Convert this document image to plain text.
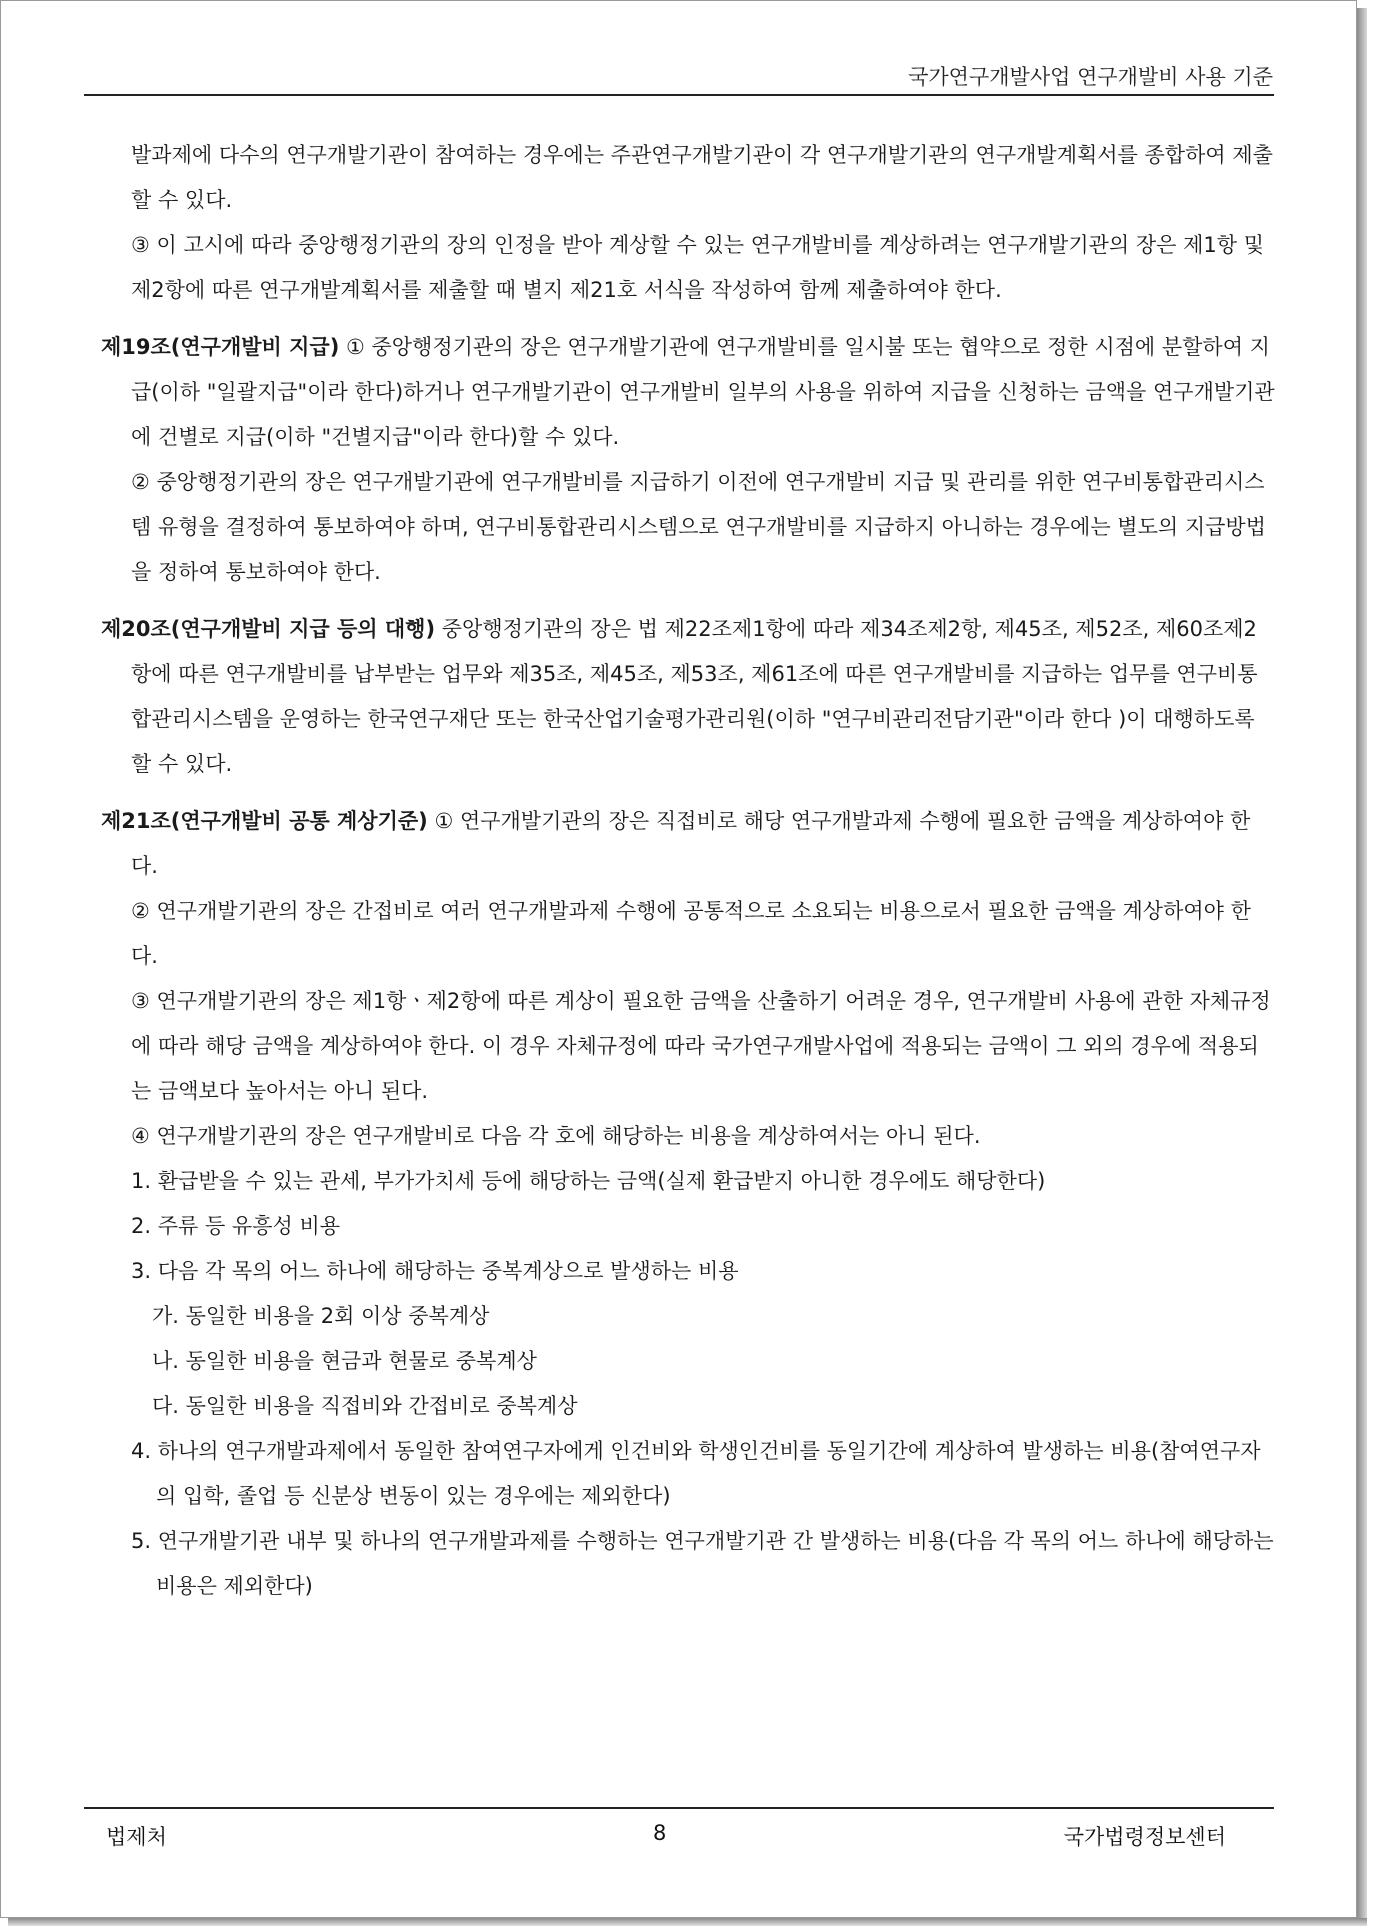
국가연구개발사업 연구개발비 사용 기준

발과제에 다수의 연구개발기관이 참여하는 경우에는 주관연구개발기관이 각 연구개발기관의 연구개발계획서를 종합하여 제출할 수 있다.

③ 이 고시에 따라 중앙행정기관의 장의 인정을 받아 계상할 수 있는 연구개발비를 계상하려는 연구개발기관의 장은 제1항 및 제2항에 따른 연구개발계획서를 제출할 때 별지 제21호 서식을 작성하여 함께 제출하여야 한다.

제19조(연구개발비 지급) ① 중앙행정기관의 장은 연구개발기관에 연구개발비를 일시불 또는 협약으로 정한 시점에 분할하여 지급(이하 "일괄지급"이라 한다)하거나 연구개발기관이 연구개발비 일부의 사용을 위하여 지급을 신청하는 금액을 연구개발기관에 건별로 지급(이하 "건별지급"이라 한다)할 수 있다.

② 중앙행정기관의 장은 연구개발기관에 연구개발비를 지급하기 이전에 연구개발비 지급 및 관리를 위한 연구비통합관리시스템 유형을 결정하여 통보하여야 하며, 연구비통합관리시스템으로 연구개발비를 지급하지 아니하는 경우에는 별도의 지급방법을 정하여 통보하여야 한다.

제20조(연구개발비 지급 등의 대행) 중앙행정기관의 장은 법 제22조제1항에 따라 제34조제2항, 제45조, 제52조, 제60조제2항에 따른 연구개발비를 납부받는 업무와 제35조, 제45조, 제53조, 제61조에 따른 연구개발비를 지급하는 업무를 연구비통합관리시스템을 운영하는 한국연구재단 또는 한국산업기술평가관리원(이하 "연구비관리전담기관"이라 한다 )이 대행하도록 할 수 있다.

제21조(연구개발비 공통 계상기준) ① 연구개발기관의 장은 직접비로 해당 연구개발과제 수행에 필요한 금액을 계상하여야 한다.

② 연구개발기관의 장은 간접비로 여러 연구개발과제 수행에 공통적으로 소요되는 비용으로서 필요한 금액을 계상하여야 한다.

③ 연구개발기관의 장은 제1항ㆍ제2항에 따른 계상이 필요한 금액을 산출하기 어려운 경우, 연구개발비 사용에 관한 자체규정에 따라 해당 금액을 계상하여야 한다. 이 경우 자체규정에 따라 국가연구개발사업에 적용되는 금액이 그 외의 경우에 적용되는 금액보다 높아서는 아니 된다.

④ 연구개발기관의 장은 연구개발비로 다음 각 호에 해당하는 비용을 계상하여서는 아니 된다.

1. 환급받을 수 있는 관세, 부가가치세 등에 해당하는 금액(실제 환급받지 아니한 경우에도 해당한다)

2. 주류 등 유흥성 비용

3. 다음 각 목의 어느 하나에 해당하는 중복계상으로 발생하는 비용

가. 동일한 비용을 2회 이상 중복계상

나. 동일한 비용을 현금과 현물로 중복계상

다. 동일한 비용을 직접비와 간접비로 중복계상

4. 하나의 연구개발과제에서 동일한 참여연구자에게 인건비와 학생인건비를 동일기간에 계상하여 발생하는 비용(참여연구자의 입학, 졸업 등 신분상 변동이 있는 경우에는 제외한다)

5. 연구개발기관 내부 및 하나의 연구개발과제를 수행하는 연구개발기관 간 발생하는 비용(다음 각 목의 어느 하나에 해당하는 비용은 제외한다)

법제처	8	국가법령정보센터
